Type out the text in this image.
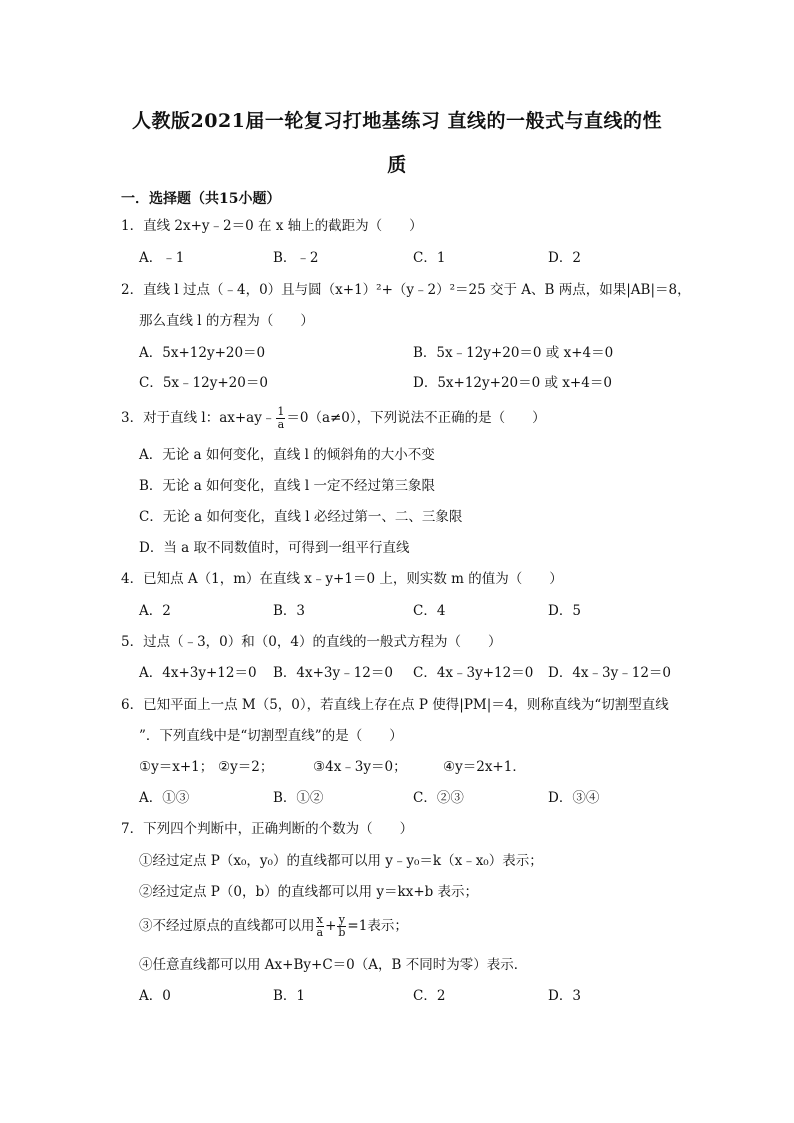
人教版2021届一轮复习打地基练习 直线的一般式与直线的性
质
一．选择题（共15小题）
1．直线 2x+y﹣2＝0 在 x 轴上的截距为（　　）
A．﹣1	B．﹣2	C．1	D．2
2．直线 l 过点（﹣4，0）且与圆（x+1）²+（y﹣2）²＝25 交于 A、B 两点，如果|AB|＝8，
那么直线 l 的方程为（　　）
A．5x+12y+20＝0	B．5x﹣12y+20＝0 或 x+4＝0
C．5x﹣12y+20＝0	D．5x+12y+20＝0 或 x+4＝0
3．对于直线 l：ax+ay﹣ $\frac{1}{a} =0(a\ne 0)$，下列说法不正确的是（　　）
A．无论 a 如何变化，直线 l 的倾斜角的大小不变
B．无论 a 如何变化，直线 l 一定不经过第三象限
C．无论 a 如何变化，直线 l 必经过第一、二、三象限
D．当 a 取不同数值时，可得到一组平行直线
4．已知点 A（1，m）在直线 x﹣y+1＝0 上，则实数 m 的值为（　　）
A．2	B．3	C．4	D．5
5．过点（﹣3，0）和（0，4）的直线的一般式方程为（　　）
A．4x+3y+12＝0 B．4x+3y﹣12＝0 C．4x﹣3y+12＝0 D．4x﹣3y﹣12＝0
6．已知平面上一点 M（5，0），若直线上存在点 P 使得|PM|＝4，则称直线为“切割型直线
”．下列直线中是“切割型直线”的是（　　）
①y＝x+1； ②y＝2；	③4x﹣3y＝0；	④y＝2x+1．
A．①③	B．①②	C．②③	D．③④
7．下列四个判断中，正确判断的个数为（　　）
①经过定点 P（x₀，y₀）的直线都可以用 y﹣y₀＝k（x﹣x₀）表示；
②经过定点 P（0，b）的直线都可以用 y＝kx+b 表示；
③不经过原点的直线都可以用 $\frac{x}{a} + \frac{y}{b} =1$表示；
④任意直线都可以用 Ax+By+C＝0（A，B 不同时为零）表示．
A．0	B．1	C．2	D．3
